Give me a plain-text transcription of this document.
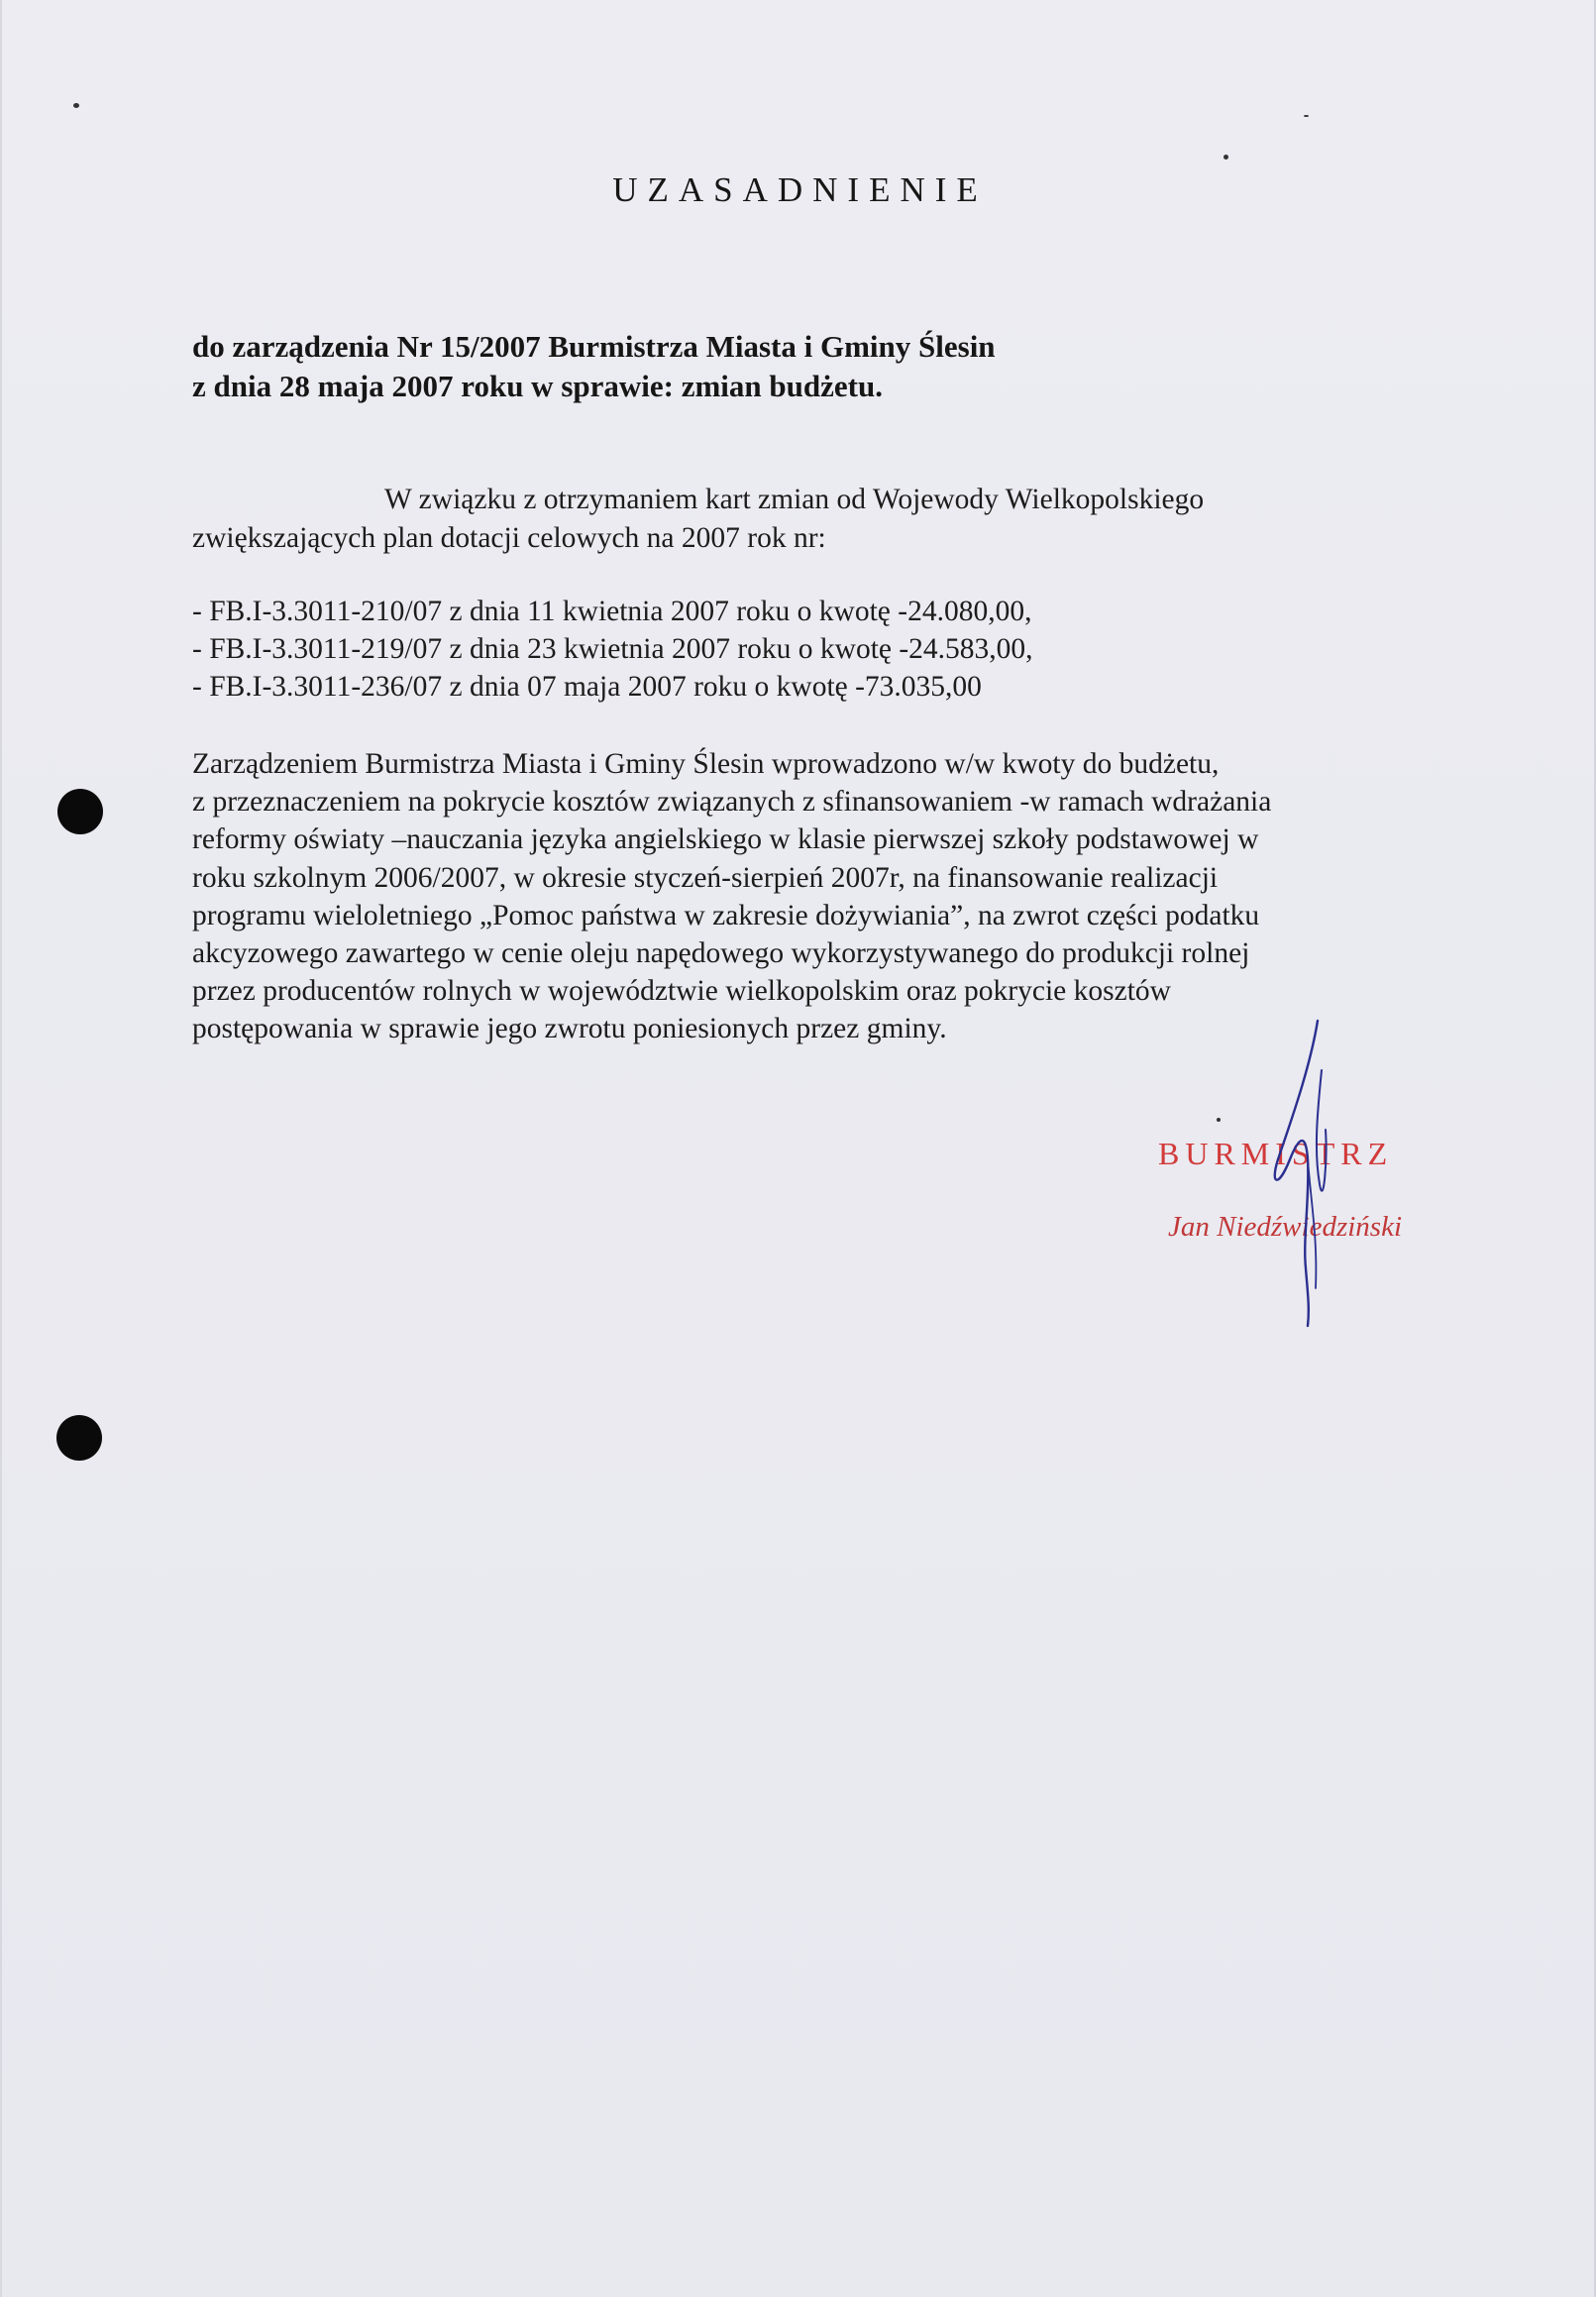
UZASADNIENIE
do zarządzenia Nr 15/2007 Burmistrza Miasta i Gminy Ślesin
z dnia 28 maja 2007 roku w sprawie: zmian budżetu.
W związku z otrzymaniem kart zmian od Wojewody Wielkopolskiego
zwiększających plan dotacji celowych na 2007 rok nr:
- FB.I-3.3011-210/07 z dnia 11 kwietnia 2007 roku o kwotę -24.080,00,
- FB.I-3.3011-219/07 z dnia 23 kwietnia 2007 roku o kwotę -24.583,00,
- FB.I-3.3011-236/07 z dnia 07 maja 2007 roku o kwotę -73.035,00
Zarządzeniem Burmistrza Miasta i Gminy Ślesin wprowadzono w/w kwoty do budżetu,
z przeznaczeniem na pokrycie kosztów związanych z sfinansowaniem -w ramach wdrażania
reformy oświaty –nauczania języka angielskiego w klasie pierwszej szkoły podstawowej w
roku szkolnym 2006/2007, w okresie styczeń-sierpień 2007r, na finansowanie realizacji
programu wieloletniego „Pomoc państwa w zakresie dożywiania”, na zwrot części podatku
akcyzowego zawartego w cenie oleju napędowego wykorzystywanego do produkcji rolnej
przez producentów rolnych w województwie wielkopolskim oraz pokrycie kosztów
postępowania w sprawie jego zwrotu poniesionych przez gminy.
BURMISTRZ
Jan Niedźwiedziński
